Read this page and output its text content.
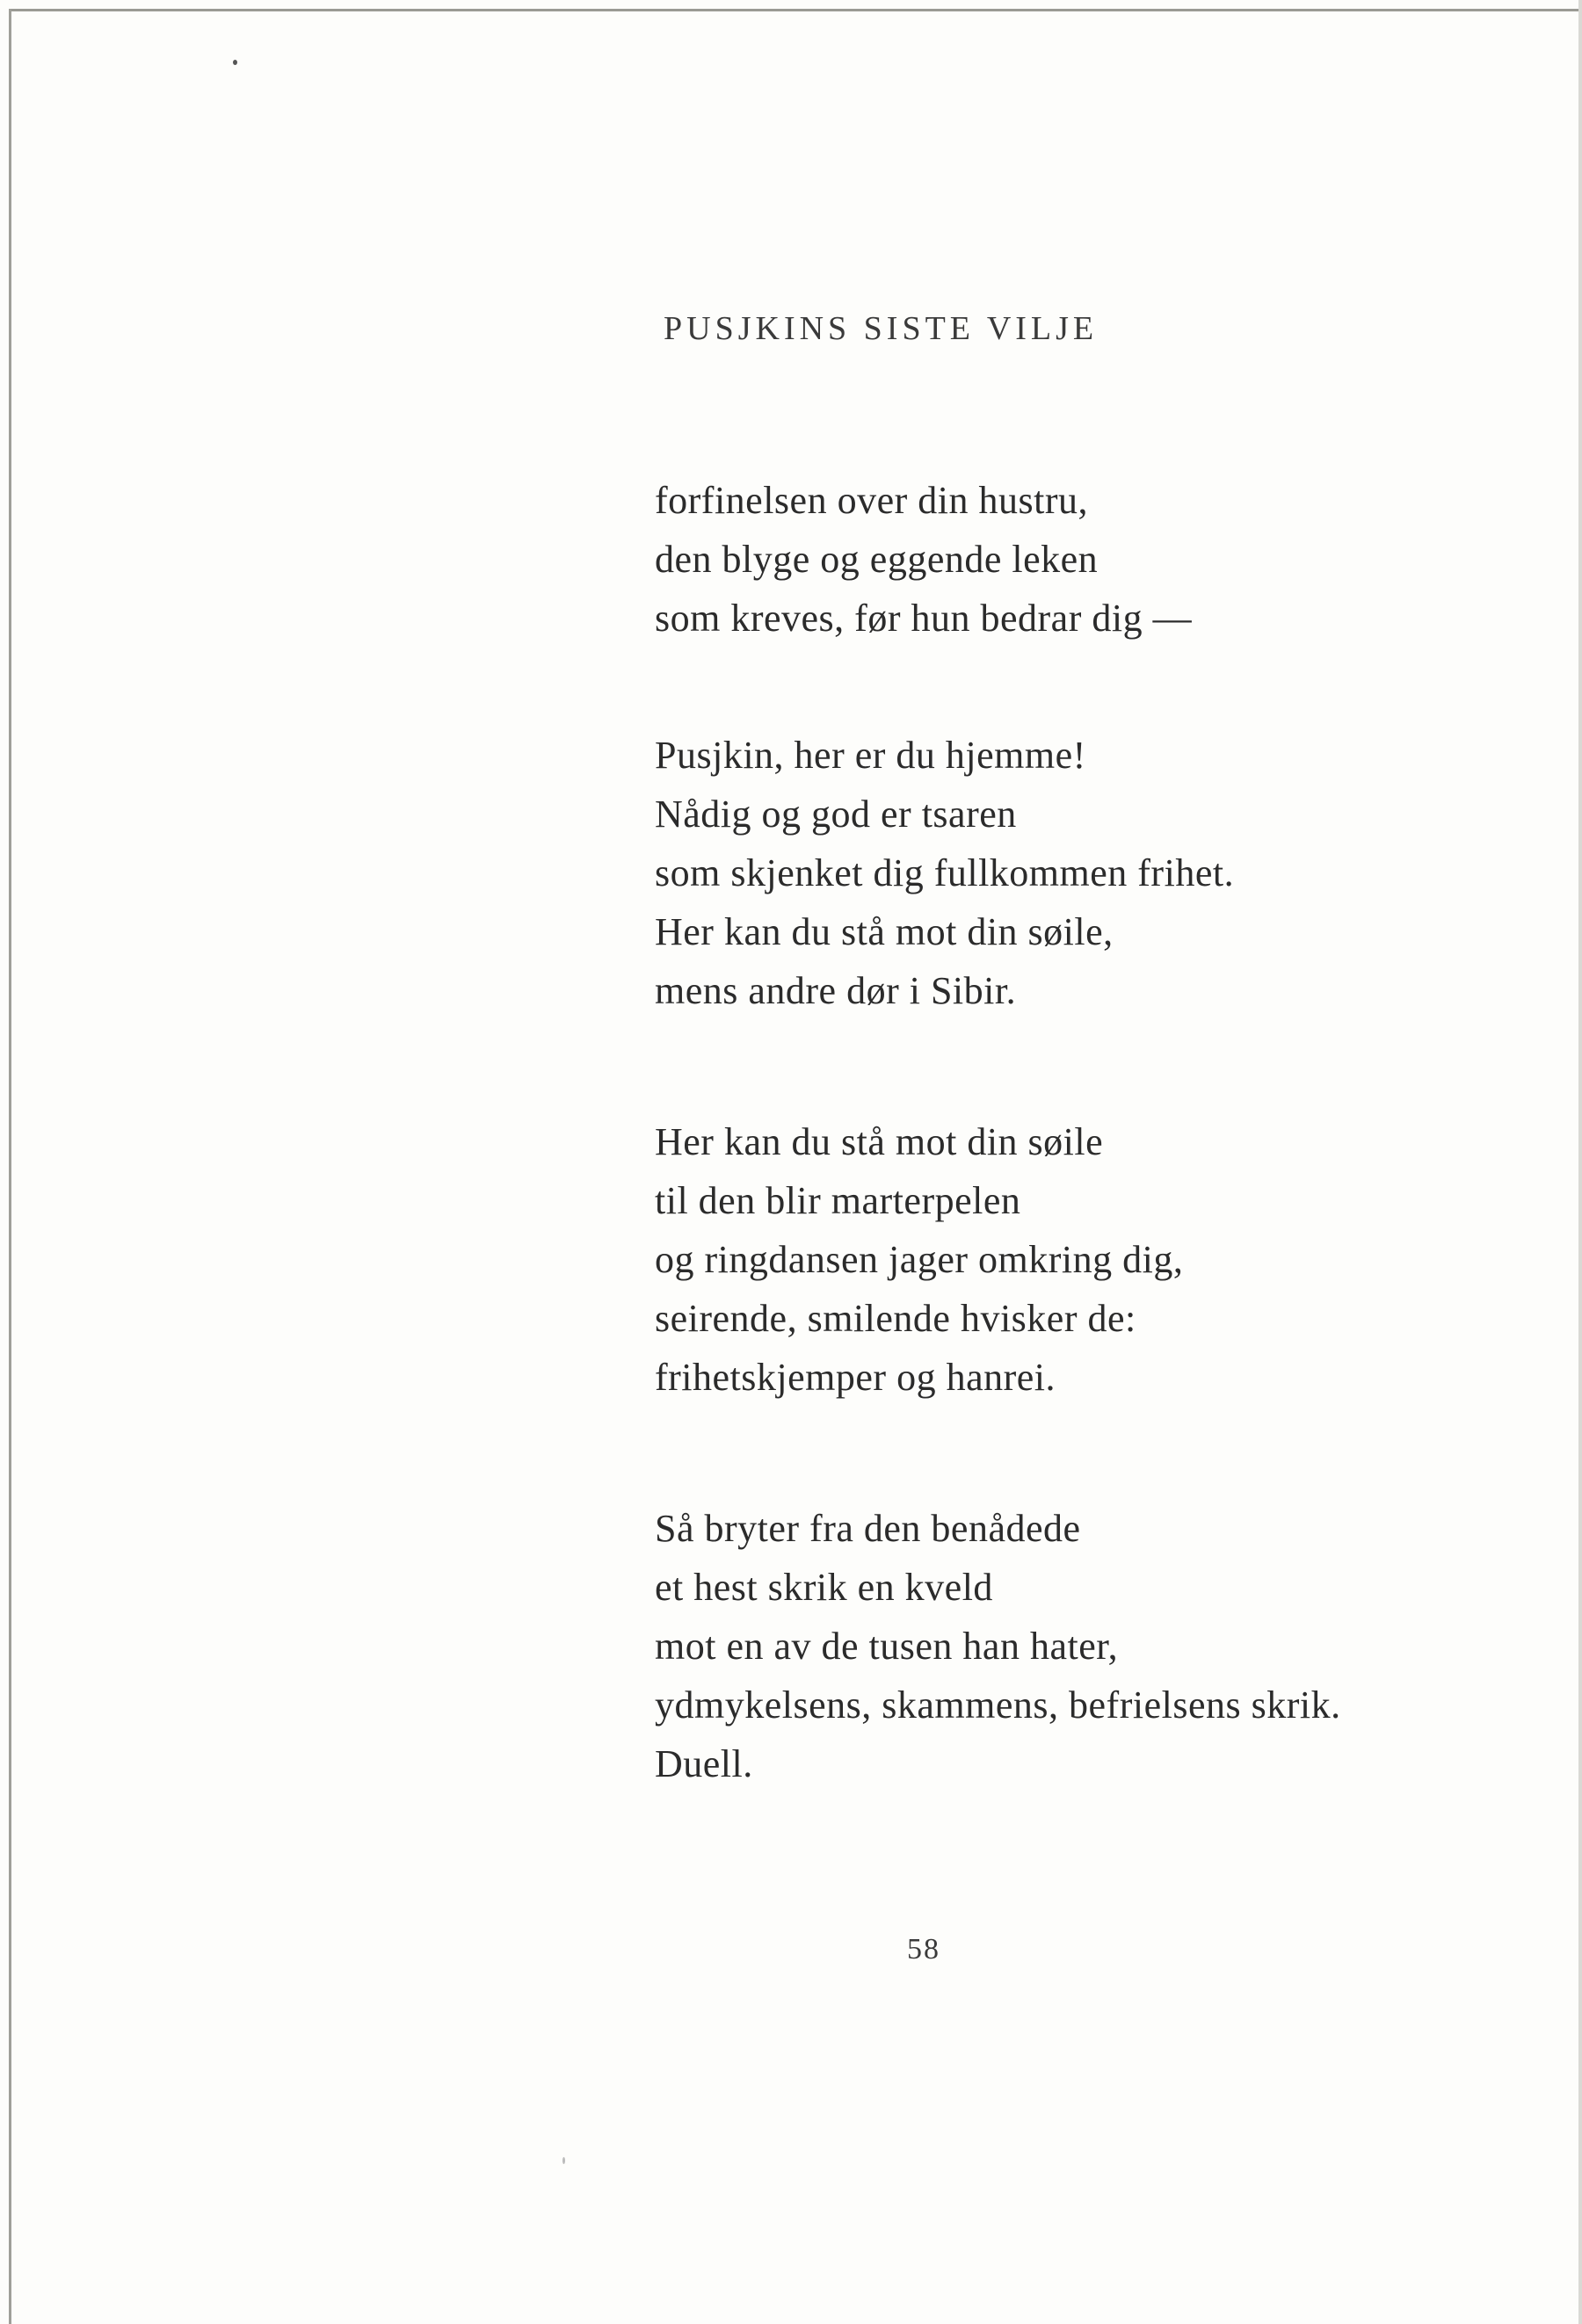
PUSJKINS SISTE VILJE
forfinelsen over din hustru,
den blyge og eggende leken
som kreves, før hun bedrar dig —
Pusjkin, her er du hjemme!
Nådig og god er tsaren
som skjenket dig fullkommen frihet.
Her kan du stå mot din søile,
mens andre dør i Sibir.
Her kan du stå mot din søile
til den blir marterpelen
og ringdansen jager omkring dig,
seirende, smilende hvisker de:
frihetskjemper og hanrei.
Så bryter fra den benådede
et hest skrik en kveld
mot en av de tusen han hater,
ydmykelsens, skammens, befrielsens skrik.
Duell.
58
